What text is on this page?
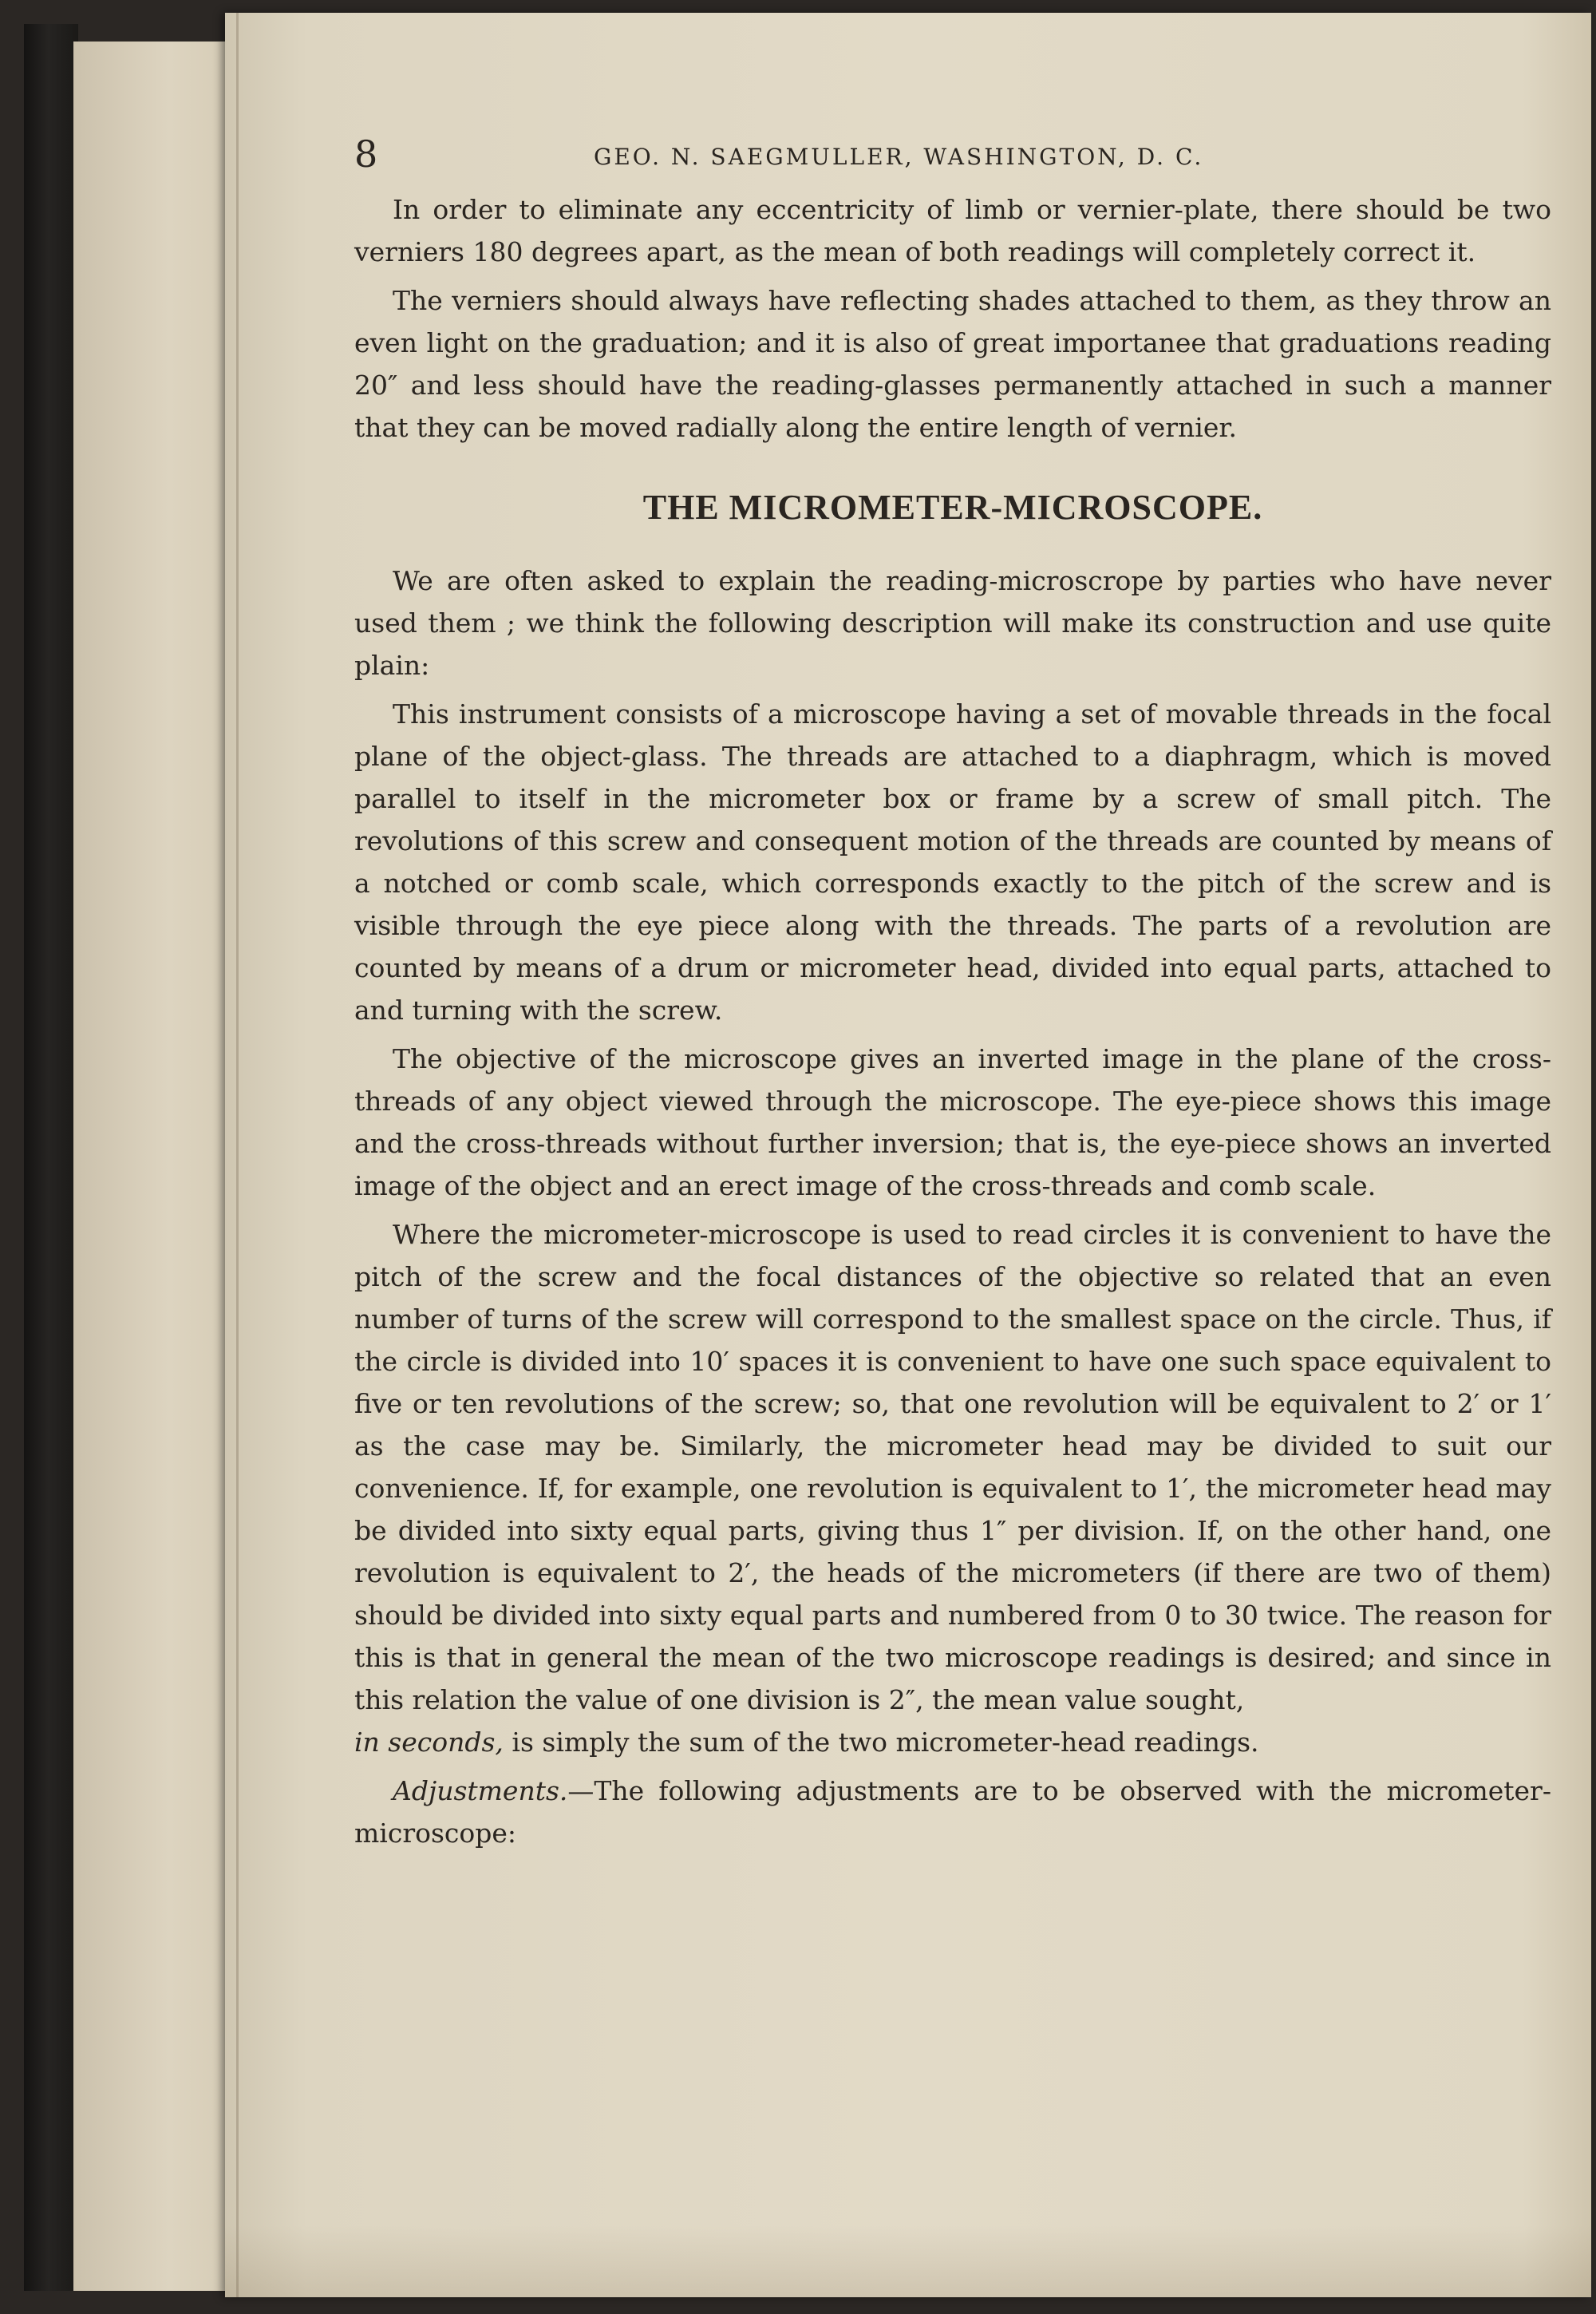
8	GEO. N. SAEGMULLER, WASHINGTON, D. C.

In order to eliminate any eccentricity of limb or vernier-plate, there should be two verniers 180 degrees apart, as the mean of both readings will completely correct it.

The verniers should always have reflecting shades attached to them, as they throw an even light on the graduation; and it is also of great importanee that graduations reading 20″ and less should have the reading-glasses permanently attached in such a manner that they can be moved radially along the entire length of vernier.

THE MICROMETER-MICROSCOPE.

We are often asked to explain the reading-microscrope by parties who have never used them ; we think the following description will make its construction and use quite plain:

This instrument consists of a microscope having a set of movable threads in the focal plane of the object-glass. The threads are attached to a diaphragm, which is moved parallel to itself in the micrometer box or frame by a screw of small pitch. The revolutions of this screw and consequent motion of the threads are counted by means of a notched or comb scale, which corresponds exactly to the pitch of the screw and is visible through the eye piece along with the threads. The parts of a revolution are counted by means of a drum or micrometer head, divided into equal parts, attached to and turning with the screw.

The objective of the microscope gives an inverted image in the plane of the cross-threads of any object viewed through the microscope. The eye-piece shows this image and the cross-threads without further inversion; that is, the eye-piece shows an inverted image of the object and an erect image of the cross-threads and comb scale.

Where the micrometer-microscope is used to read circles it is convenient to have the pitch of the screw and the focal distances of the objective so related that an even number of turns of the screw will correspond to the smallest space on the circle. Thus, if the circle is divided into 10′ spaces it is convenient to have one such space equivalent to five or ten revolutions of the screw; so, that one revolution will be equivalent to 2′ or 1′ as the case may be. Similarly, the micrometer head may be divided to suit our convenience. If, for example, one revolution is equivalent to 1′, the micrometer head may be divided into sixty equal parts, giving thus 1″ per division. If, on the other hand, one revolution is equivalent to 2′, the heads of the micrometers (if there are two of them) should be divided into sixty equal parts and numbered from 0 to 30 twice. The reason for this is that in general the mean of the two microscope readings is desired; and since in this relation the value of one division is 2″, the mean value sought,

in seconds, is simply the sum of the two micrometer-head readings.

Adjustments.—The following adjustments are to be observed with the micrometer-microscope:
